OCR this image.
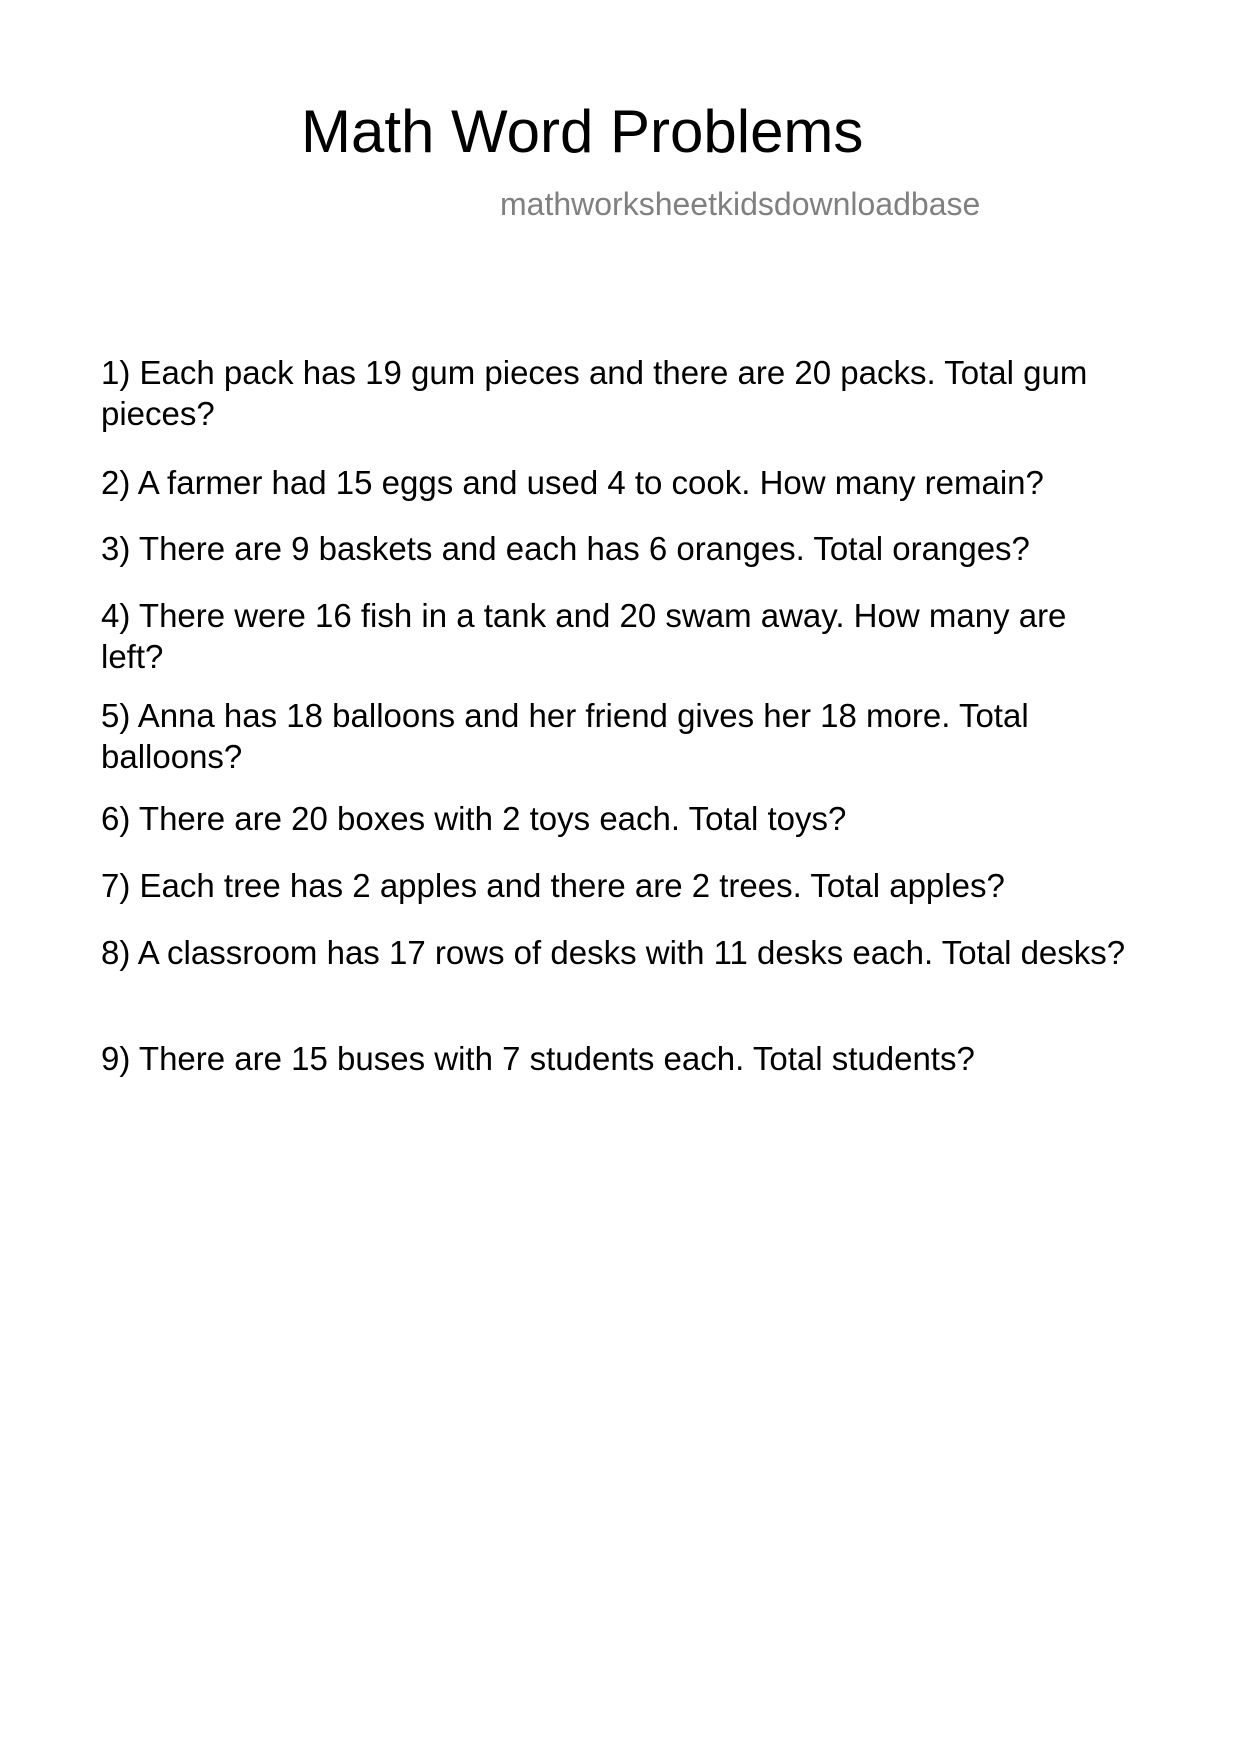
Math Word Problems
mathworksheetkidsdownloadbase
1) Each pack has 19 gum pieces and there are 20 packs. Total gum pieces?
2) A farmer had 15 eggs and used 4 to cook. How many remain?
3) There are 9 baskets and each has 6 oranges. Total oranges?
4) There were 16 fish in a tank and 20 swam away. How many are left?
5) Anna has 18 balloons and her friend gives her 18 more. Total balloons?
6) There are 20 boxes with 2 toys each. Total toys?
7) Each tree has 2 apples and there are 2 trees. Total apples?
8) A classroom has 17 rows of desks with 11 desks each. Total desks?
9) There are 15 buses with 7 students each. Total students?
